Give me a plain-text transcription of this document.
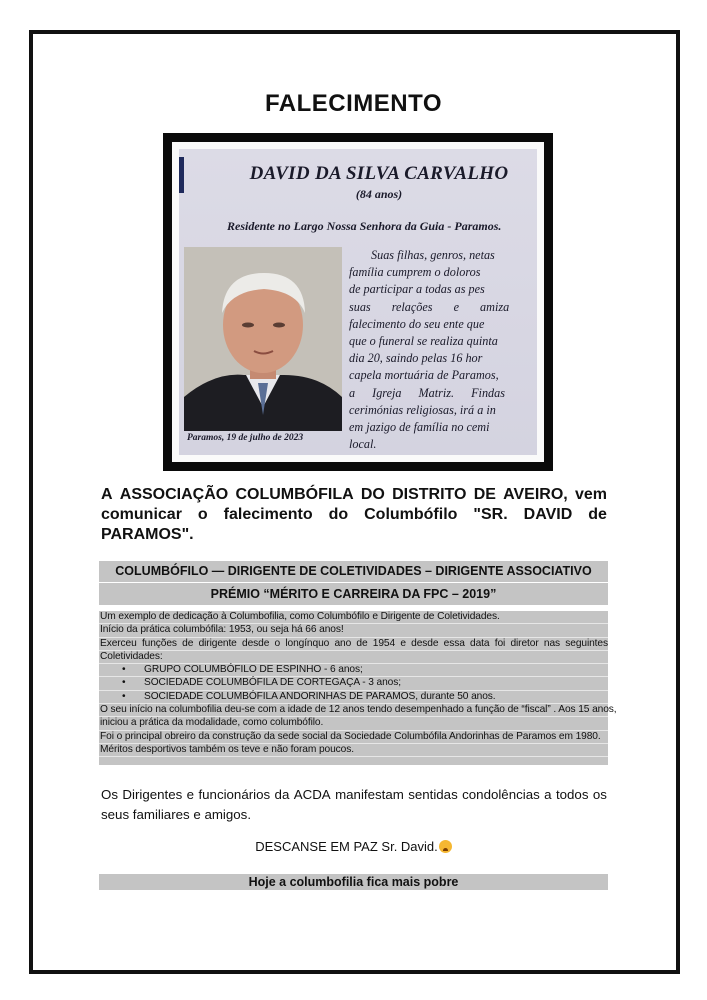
FALECIMENTO
DAVID DA SILVA CARVALHO
(84 anos)
Residente no Largo Nossa Senhora da Guia - Paramos.
Suas filhas, genros, netas
família cumprem o doloros
de participar a todas as pes
suas relações e amiza
falecimento do seu ente que
que o funeral se realiza quinta
dia 20, saindo pelas 16 hor
capela mortuária de Paramos,
a Igreja Matriz. Findas
cerimónias religiosas, irá a in
em jazigo de família no cemi
local.
Paramos, 19 de julho de 2023
A ASSOCIAÇÃO COLUMBÓFILA DO DISTRITO DE AVEIRO, vem
comunicar o falecimento do Columbófilo "SR. DAVID de
PARAMOS".
COLUMBÓFILO — DIRIGENTE DE COLETIVIDADES – DIRIGENTE ASSOCIATIVO
PRÉMIO “MÉRITO E CARREIRA DA FPC – 2019”
Um exemplo de dedicação à Columbofilia, como Columbófilo e Dirigente de Coletividades.
Início da prática columbófila: 1953, ou seja há 66 anos!
Exerceu funções de dirigente desde o longínquo ano de 1954 e desde essa data foi diretor nas seguintes
Coletividades:
• GRUPO COLUMBÓFILO DE ESPINHO - 6 anos;
• SOCIEDADE COLUMBÓFILA DE CORTEGAÇA - 3 anos;
• SOCIEDADE COLUMBÓFILA ANDORINHAS DE PARAMOS, durante 50 anos.
O seu início na columbofilia deu-se com a idade de 12 anos tendo desempenhado a função de “fiscal” . Aos 15 anos,
iniciou a prática da modalidade, como columbófilo.
Foi o principal obreiro da construção da sede social da Sociedade Columbófila Andorinhas de Paramos em 1980.
Méritos desportivos também os teve e não foram poucos.
Os Dirigentes e funcionários da ACDA manifestam sentidas condolências a todos os
seus familiares e amigos.
DESCANSE EM PAZ Sr. David.
Hoje a columbofilia fica mais pobre
